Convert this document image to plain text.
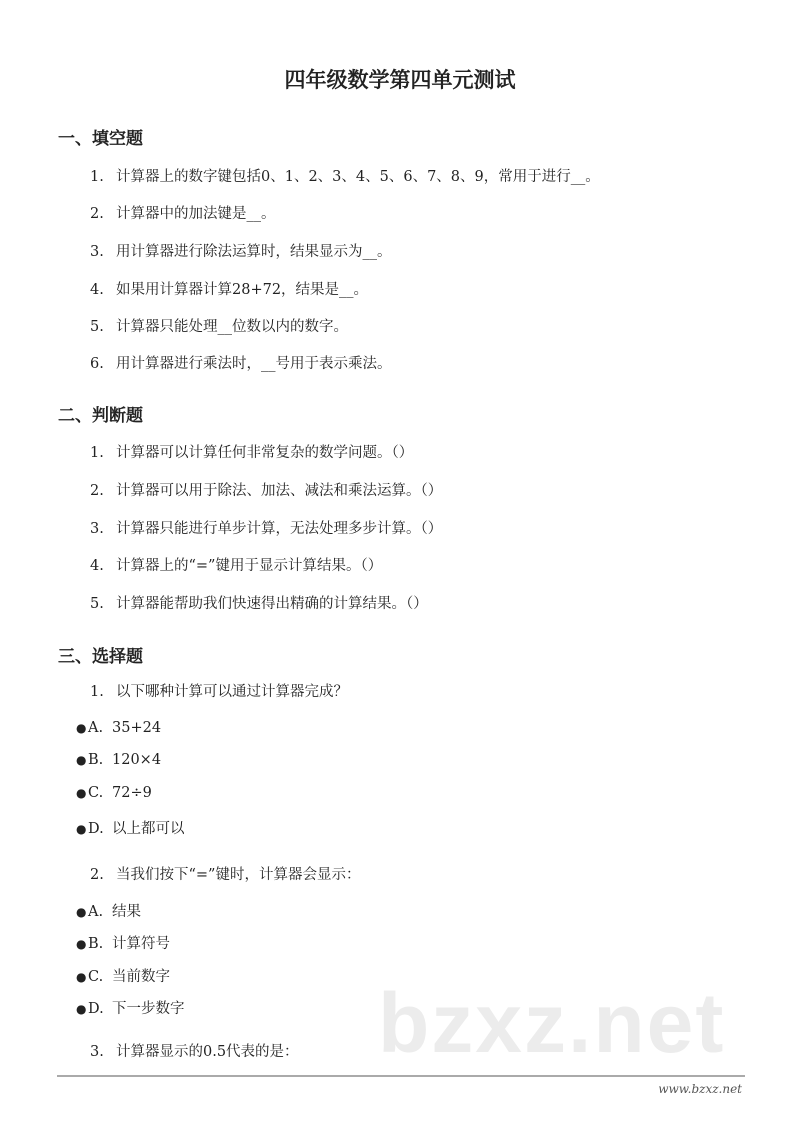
bzxz.net
四年级数学第四单元测试
一、填空题
1. 计算器上的数字键包括0、1、2、3、4、5、6、7、8、9，常用于进行__。
2. 计算器中的加法键是__。
3. 用计算器进行除法运算时，结果显示为__。
4. 如果用计算器计算28+72，结果是__。
5. 计算器只能处理__位数以内的数字。
6. 用计算器进行乘法时，__号用于表示乘法。
二、判断题
1. 计算器可以计算任何非常复杂的数学问题。（）
2. 计算器可以用于除法、加法、减法和乘法运算。（）
3. 计算器只能进行单步计算，无法处理多步计算。（）
4. 计算器上的“=”键用于显示计算结果。（）
5. 计算器能帮助我们快速得出精确的计算结果。（）
三、选择题
1. 以下哪种计算可以通过计算器完成？
● A. 35+24
● B. 120×4
● C. 72÷9
● D. 以上都可以
2. 当我们按下“=”键时，计算器会显示：
● A. 结果
● B. 计算符号
● C. 当前数字
● D. 下一步数字
3. 计算器显示的0.5代表的是：
www.bzxz.net
